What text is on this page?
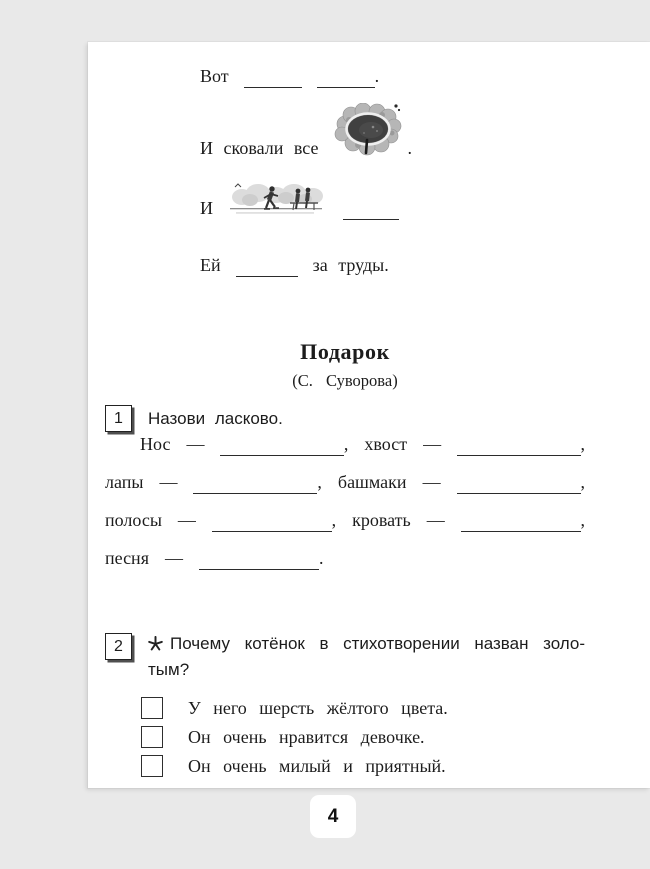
Вот	.
И сковали все	.
И
Ей	за труды.
Подарок
(С. Суворова)
1 Назови ласково.
Нос —	, хвост —	,
лапы —	, башмаки —	,
полосы —	, кровать —	,
песня —	.
2	Почему котёнок в стихотворении назван золо-
тым?
У него шерсть жёлтого цвета.
Он очень нравится девочке.
Он очень милый и приятный.
4
